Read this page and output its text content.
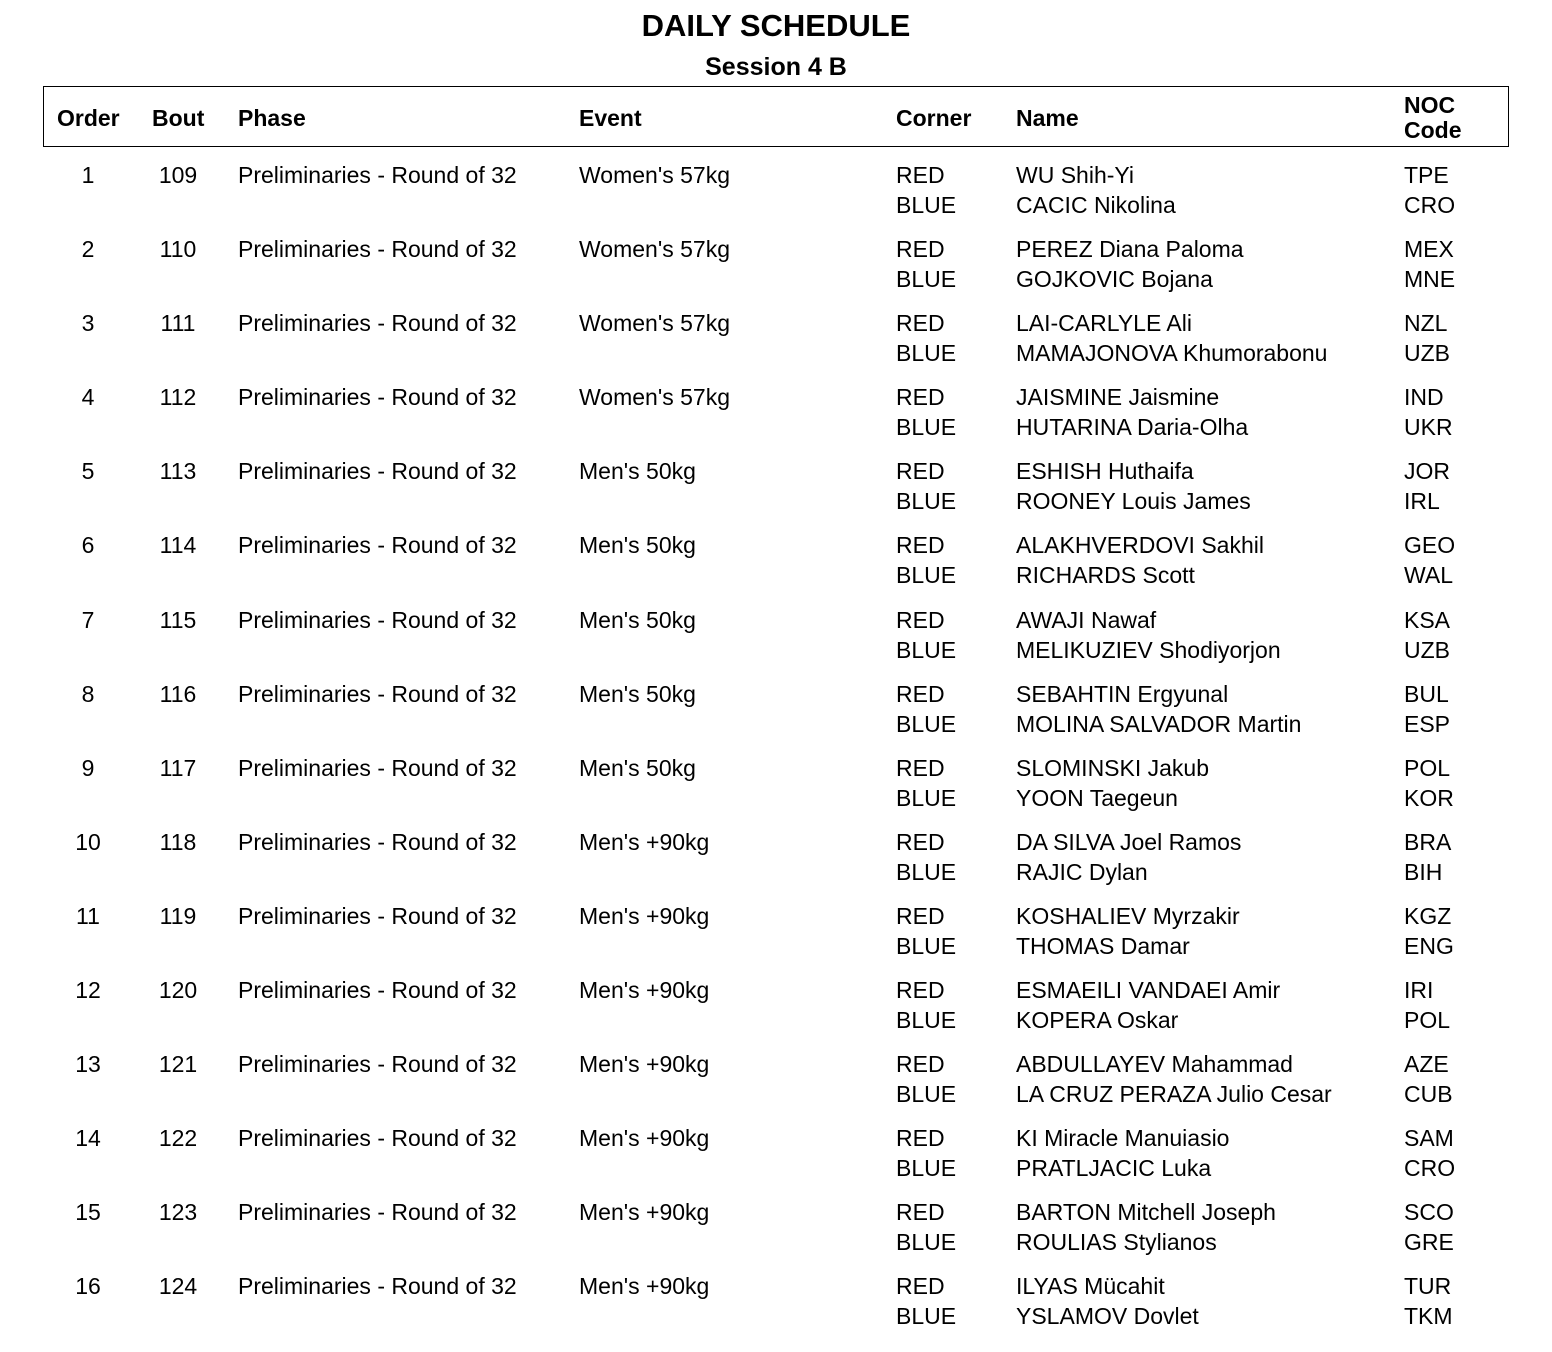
DAILY SCHEDULE
Session 4 B
Order Bout Phase	Event	Corner Name	NOC
Code
1	109	Preliminaries - Round of 32	Women's 57kg	RED	WU Shih-Yi	TPE
BLUE	CACIC Nikolina	CRO
2	110	Preliminaries - Round of 32	Women's 57kg	RED	PEREZ Diana Paloma	MEX
BLUE	GOJKOVIC Bojana	MNE
3	111	Preliminaries - Round of 32	Women's 57kg	RED	LAI-CARLYLE Ali	NZL
BLUE	MAMAJONOVA Khumorabonu	UZB
4	112	Preliminaries - Round of 32	Women's 57kg	RED	JAISMINE Jaismine	IND
BLUE	HUTARINA Daria-Olha	UKR
5	113	Preliminaries - Round of 32	Men's 50kg	RED	ESHISH Huthaifa	JOR
BLUE	ROONEY Louis James	IRL
6	114	Preliminaries - Round of 32	Men's 50kg	RED	ALAKHVERDOVI Sakhil	GEO
BLUE	RICHARDS Scott	WAL
7	115	Preliminaries - Round of 32	Men's 50kg	RED	AWAJI Nawaf	KSA
BLUE	MELIKUZIEV Shodiyorjon	UZB
8	116	Preliminaries - Round of 32	Men's 50kg	RED	SEBAHTIN Ergyunal	BUL
BLUE	MOLINA SALVADOR Martin	ESP
9	117	Preliminaries - Round of 32	Men's 50kg	RED	SLOMINSKI Jakub	POL
BLUE	YOON Taegeun	KOR
10	118	Preliminaries - Round of 32	Men's +90kg	RED	DA SILVA Joel Ramos	BRA
BLUE	RAJIC Dylan	BIH
11	119	Preliminaries - Round of 32	Men's +90kg	RED	KOSHALIEV Myrzakir	KGZ
BLUE	THOMAS Damar	ENG
12	120	Preliminaries - Round of 32	Men's +90kg	RED	ESMAEILI VANDAEI Amir	IRI
BLUE	KOPERA Oskar	POL
13	121	Preliminaries - Round of 32	Men's +90kg	RED	ABDULLAYEV Mahammad	AZE
BLUE	LA CRUZ PERAZA Julio Cesar	CUB
14	122	Preliminaries - Round of 32	Men's +90kg	RED	KI Miracle Manuiasio	SAM
BLUE	PRATLJACIC Luka	CRO
15	123	Preliminaries - Round of 32	Men's +90kg	RED	BARTON Mitchell Joseph	SCO
BLUE	ROULIAS Stylianos	GRE
16	124	Preliminaries - Round of 32	Men's +90kg	RED	ILYAS Mücahit	TUR
BLUE	YSLAMOV Dovlet	TKM
